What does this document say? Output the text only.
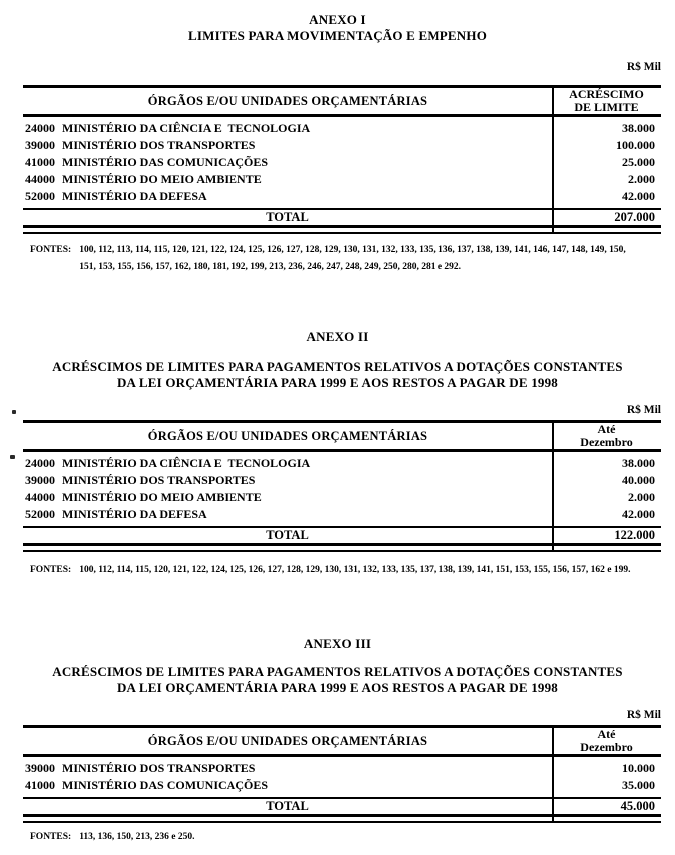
ANEXO I
LIMITES PARA MOVIMENTAÇÃO E EMPENHO
R$ Mil
ÓRGÃOS E/OU UNIDADES ORÇAMENTÁRIAS	ACRÉSCIMO
DE LIMITE
24000 MINISTÉRIO DA CIÊNCIA E  TECNOLOGIA	38.000
39000 MINISTÉRIO DOS TRANSPORTES	100.000
41000 MINISTÉRIO DAS COMUNICAÇÕES	25.000
44000 MINISTÉRIO DO MEIO AMBIENTE	2.000
52000 MINISTÉRIO DA DEFESA	42.000
TOTAL	207.000
FONTES: 100, 112, 113, 114, 115, 120, 121, 122, 124, 125, 126, 127, 128, 129, 130, 131, 132, 133, 135, 136, 137, 138, 139, 141, 146, 147, 148, 149, 150,
151, 153, 155, 156, 157, 162, 180, 181, 192, 199, 213, 236, 246, 247, 248, 249, 250, 280, 281 e 292.
ANEXO II
ACRÉSCIMOS DE LIMITES PARA PAGAMENTOS RELATIVOS A DOTAÇÕES CONSTANTES
DA LEI ORÇAMENTÁRIA PARA 1999 E AOS RESTOS A PAGAR DE 1998
R$ Mil
ÓRGÃOS E/OU UNIDADES ORÇAMENTÁRIAS	Até
Dezembro
24000 MINISTÉRIO DA CIÊNCIA E  TECNOLOGIA	38.000
39000 MINISTÉRIO DOS TRANSPORTES	40.000
44000 MINISTÉRIO DO MEIO AMBIENTE	2.000
52000 MINISTÉRIO DA DEFESA	42.000
TOTAL	122.000
FONTES: 100, 112, 114, 115, 120, 121, 122, 124, 125, 126, 127, 128, 129, 130, 131, 132, 133, 135, 137, 138, 139, 141, 151, 153, 155, 156, 157, 162 e 199.
ANEXO III
ACRÉSCIMOS DE LIMITES PARA PAGAMENTOS RELATIVOS A DOTAÇÕES CONSTANTES
DA LEI ORÇAMENTÁRIA PARA 1999 E AOS RESTOS A PAGAR DE 1998
R$ Mil
ÓRGÃOS E/OU UNIDADES ORÇAMENTÁRIAS	Até
Dezembro
39000 MINISTÉRIO DOS TRANSPORTES	10.000
41000 MINISTÉRIO DAS COMUNICAÇÕES	35.000
TOTAL	45.000
FONTES: 113, 136, 150, 213, 236 e 250.
